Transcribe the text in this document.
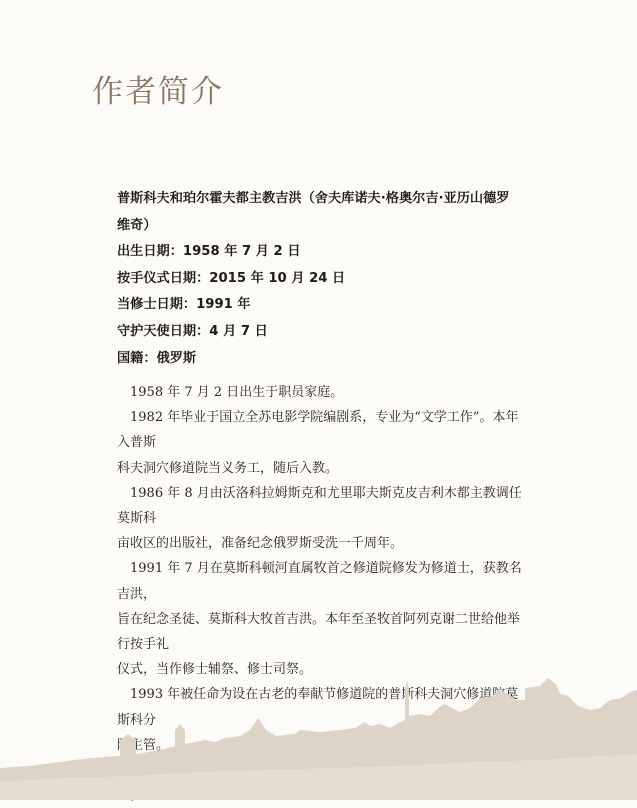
作者简介

普斯科夫和珀尔霍夫都主教吉洪（舍夫库诺夫·格奥尔吉·亚历山德罗

维奇）

出生日期：1958 年 7 月 2 日

按手仪式日期：2015 年 10 月 24 日

当修士日期：1991 年

守护天使日期：4 月 7 日

国籍：俄罗斯

　1958 年 7 月 2 日出生于职员家庭。

　1982 年毕业于国立全苏电影学院编剧系，专业为“文学工作”。本年入普斯

科夫洞穴修道院当义务工，随后入教。

　1986 年 8 月由沃洛科拉姆斯克和尤里耶夫斯克皮吉利木都主教调任莫斯科

亩收区的出版社，准备纪念俄罗斯受洗一千周年。

　1991 年 7 月在莫斯科顿河直属牧首之修道院修发为修道士，获教名吉洪，

旨在纪念圣徒、莫斯科大牧首吉洪。本年至圣牧首阿列克谢二世给他举行按手礼

仪式，当作修士辅祭、修士司祭。

　1993 年被任命为设在古老的奉献节修道院的普斯科夫洞穴修道院莫斯科分

院主管。
